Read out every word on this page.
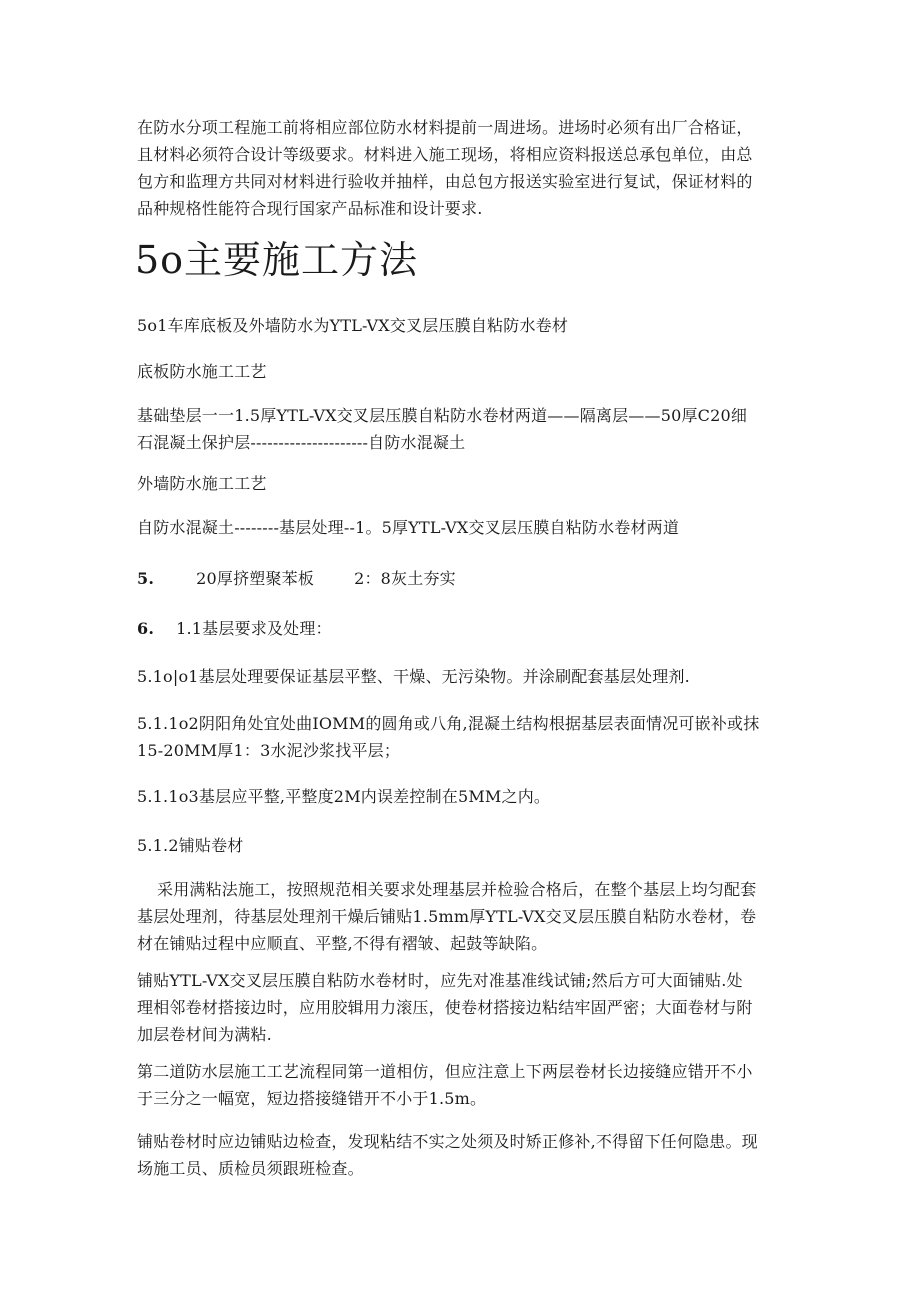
在防水分项工程施工前将相应部位防水材料提前一周进场。进场时必须有出厂合格证，
且材料必须符合设计等级要求。材料进入施工现场，将相应资料报送总承包单位，由总
包方和监理方共同对材料进行验收并抽样，由总包方报送实验室进行复试，保证材料的
品种规格性能符合现行国家产品标准和设计要求.

5o主要施工方法

5o1车库底板及外墙防水为YTL-VX交叉层压膜自粘防水卷材

底板防水施工工艺

基础垫层一一1.5厚YTL-VX交叉层压膜自粘防水卷材两道——隔离层——50厚C20细
石混凝土保护层---------------------自防水混凝土

外墙防水施工工艺

自防水混凝土--------基层处理--1。5厚YTL-VX交叉层压膜自粘防水卷材两道

5.	20厚挤塑聚苯板	2：8灰土夯实

6. 1.1基层要求及处理：

5.1o|o1基层处理要保证基层平整、干燥、无污染物。并涂刷配套基层处理剂.

5.1.1o2阴阳角处宜处曲IOMM的圆角或八角,混凝土结构根据基层表面情况可嵌补或抹
15-20MM厚1：3水泥沙浆找平层；

5.1.1o3基层应平整,平整度2M内误差控制在5MM之内。

5.1.2铺贴卷材

采用满粘法施工，按照规范相关要求处理基层并检验合格后，在整个基层上均匀配套
基层处理剂，待基层处理剂干燥后铺贴1.5mm厚YTL-VX交叉层压膜自粘防水卷材，卷
材在铺贴过程中应顺直、平整,不得有褶皱、起鼓等缺陷。

铺贴YTL-VX交叉层压膜自粘防水卷材时，应先对准基准线试铺;然后方可大面铺贴.处
理相邻卷材搭接边时，应用胶辑用力滚压，使卷材搭接边粘结牢固严密；大面卷材与附
加层卷材间为满粘.

第二道防水层施工工艺流程同第一道相仿，但应注意上下两层卷材长边接缝应错开不小
于三分之一幅宽，短边搭接缝错开不小于1.5m。

铺贴卷材时应边铺贴边检查，发现粘结不实之处须及时矫正修补,不得留下任何隐患。现
场施工员、质检员须跟班检查。
